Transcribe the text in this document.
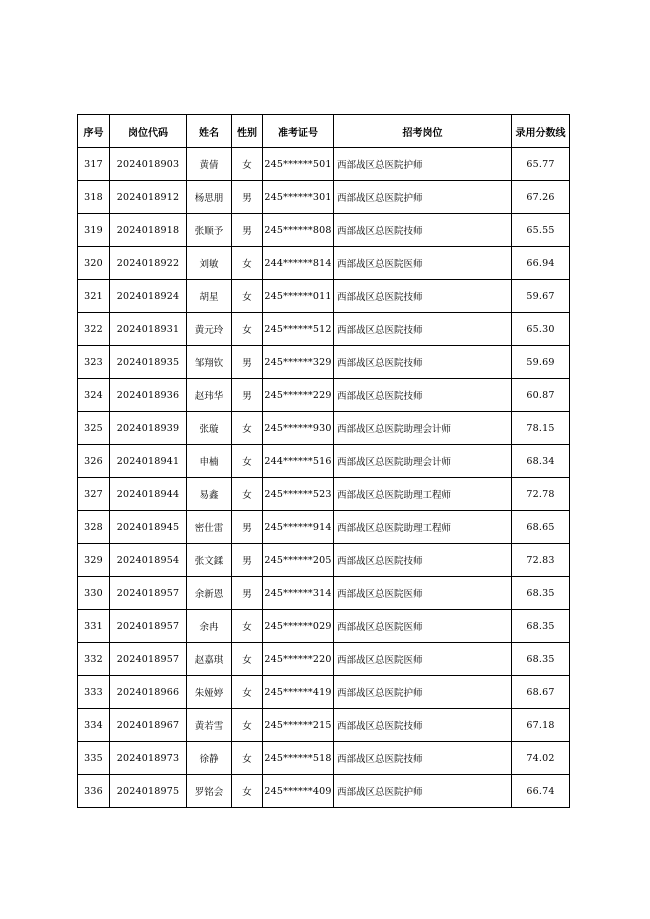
序号	岗位代码	姓名	性别	准考证号	招考岗位	录用分数线
317	2024018903	黄倩	女	245******501	西部战区总医院护师	65.77
318	2024018912	杨思朋	男	245******301	西部战区总医院护师	67.26
319	2024018918	张顺予	男	245******808	西部战区总医院技师	65.55
320	2024018922	刘敏	女	244******814	西部战区总医院医师	66.94
321	2024018924	胡星	女	245******011	西部战区总医院技师	59.67
322	2024018931	黄元玲	女	245******512	西部战区总医院技师	65.30
323	2024018935	邹翔钦	男	245******329	西部战区总医院技师	59.69
324	2024018936	赵玮华	男	245******229	西部战区总医院技师	60.87
325	2024018939	张璇	女	245******930	西部战区总医院助理会计师	78.15
326	2024018941	申楠	女	244******516	西部战区总医院助理会计师	68.34
327	2024018944	易鑫	女	245******523	西部战区总医院助理工程师	72.78
328	2024018945	密仕雷	男	245******914	西部战区总医院助理工程师	68.65
329	2024018954	张文鍒	男	245******205	西部战区总医院技师	72.83
330	2024018957	余新恩	男	245******314	西部战区总医院医师	68.35
331	2024018957	余冉	女	245******029	西部战区总医院医师	68.35
332	2024018957	赵嘉琪	女	245******220	西部战区总医院医师	68.35
333	2024018966	朱娅婷	女	245******419	西部战区总医院护师	68.67
334	2024018967	黄若雪	女	245******215	西部战区总医院技师	67.18
335	2024018973	徐静	女	245******518	西部战区总医院技师	74.02
336	2024018975	罗铭会	女	245******409	西部战区总医院护师	66.74
